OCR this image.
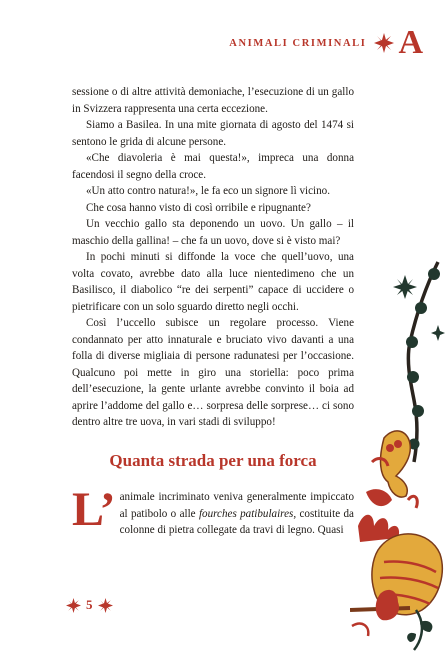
ANIMALI CRIMINALI A

sessione o di altre attività demoniache, l’esecuzione di un gallo in Svizzera rappresenta una certa eccezione.

Siamo a Basilea. In una mite giornata di agosto del 1474 si sentono le grida di alcune persone.

«Che diavoleria è mai questa!», impreca una donna facendosi il segno della croce.

«Un atto contro natura!», le fa eco un signore lì vicino.

Che cosa hanno visto di così orribile e ripugnante?

Un vecchio gallo sta deponendo un uovo. Un gallo – il maschio della gallina! – che fa un uovo, dove si è visto mai?

In pochi minuti si diffonde la voce che quell’uovo, una volta covato, avrebbe dato alla luce nientedimeno che un Basilisco, il diabolico “re dei serpenti” capace di uccidere o pietrificare con un solo sguardo diretto negli occhi.

Così l’uccello subisce un regolare processo. Viene condannato per atto innaturale e bruciato vivo davanti a una folla di diverse migliaia di persone radunatesi per l’occasione. Qualcuno poi mette in giro una storiella: poco prima dell’esecuzione, la gente urlante avrebbe convinto il boia ad aprire l’addome del gallo e… sorpresa delle sorprese… ci sono dentro altre tre uova, in vari stadi di sviluppo!

Quanta strada per una forca
L’ animale incriminato veniva generalmente impiccato al patibolo o alle fourches patibulaires, costituite da colonne di pietra collegate da travi di legno. Quasi
5
